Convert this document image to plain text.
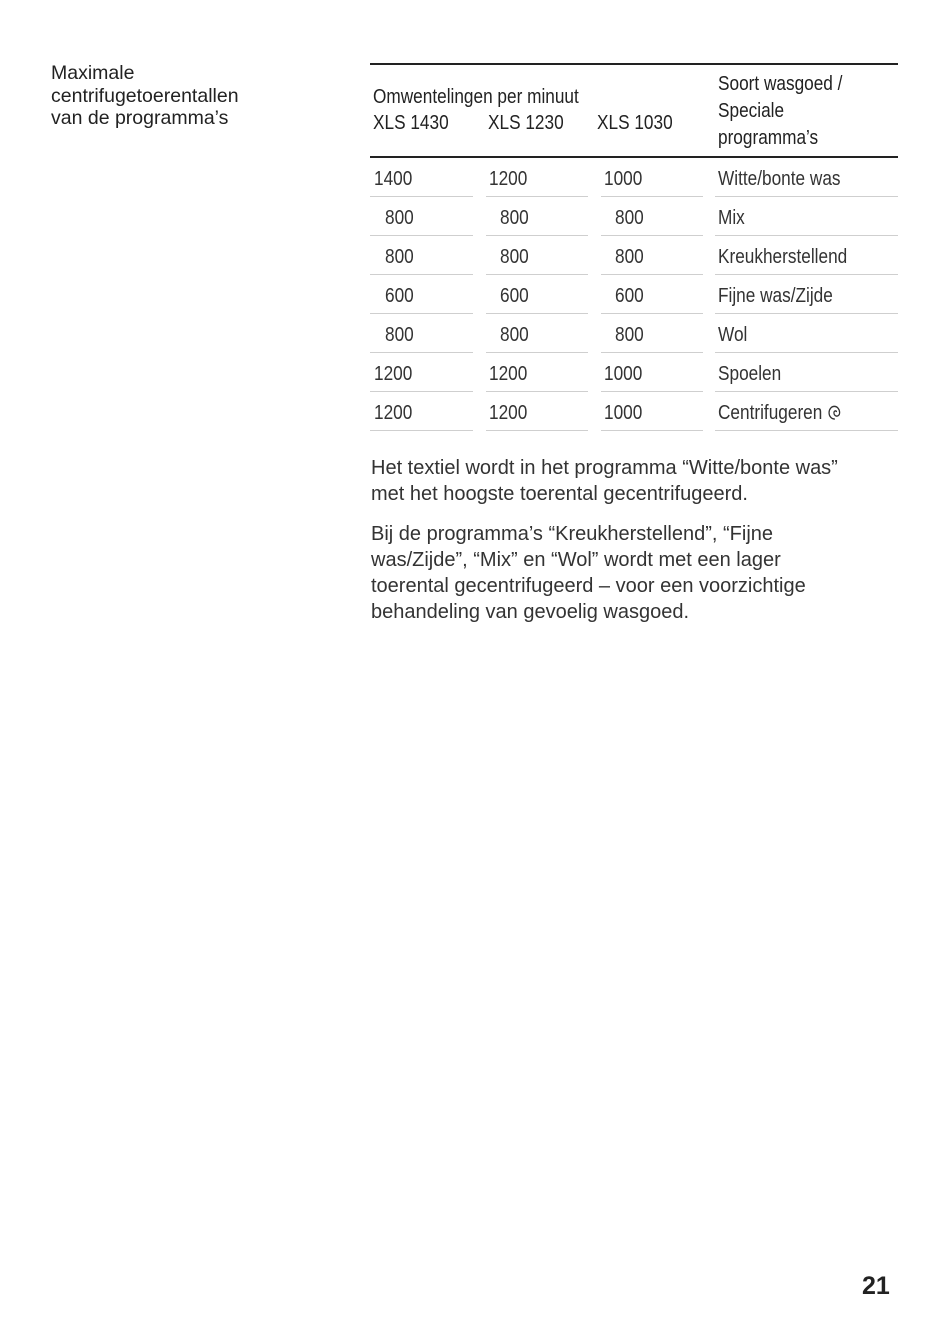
Maximale
centrifugetoerentallen
van de programma’s
Omwentelingen per minuut
XLS 1430 XLS 1230 XLS 1030
Soort wasgoed /
Speciale
programma’s
1400	1200	1000	Witte/bonte was
800	800	800	Mix
800	800	800	Kreukherstellend
600	600	600	Fijne was/Zijde
800	800	800	Wol
1200	1200	1000	Spoelen
1200	1200	1000	Centrifugeren

Het textiel wordt in het programma “Witte/bonte was”
met het hoogste toerental gecentrifugeerd.

Bij de programma’s “Kreukherstellend”, “Fijne
was/Zijde”, “Mix” en “Wol” wordt met een lager
toerental gecentrifugeerd – voor een voorzichtige
behandeling van gevoelig wasgoed.

21
